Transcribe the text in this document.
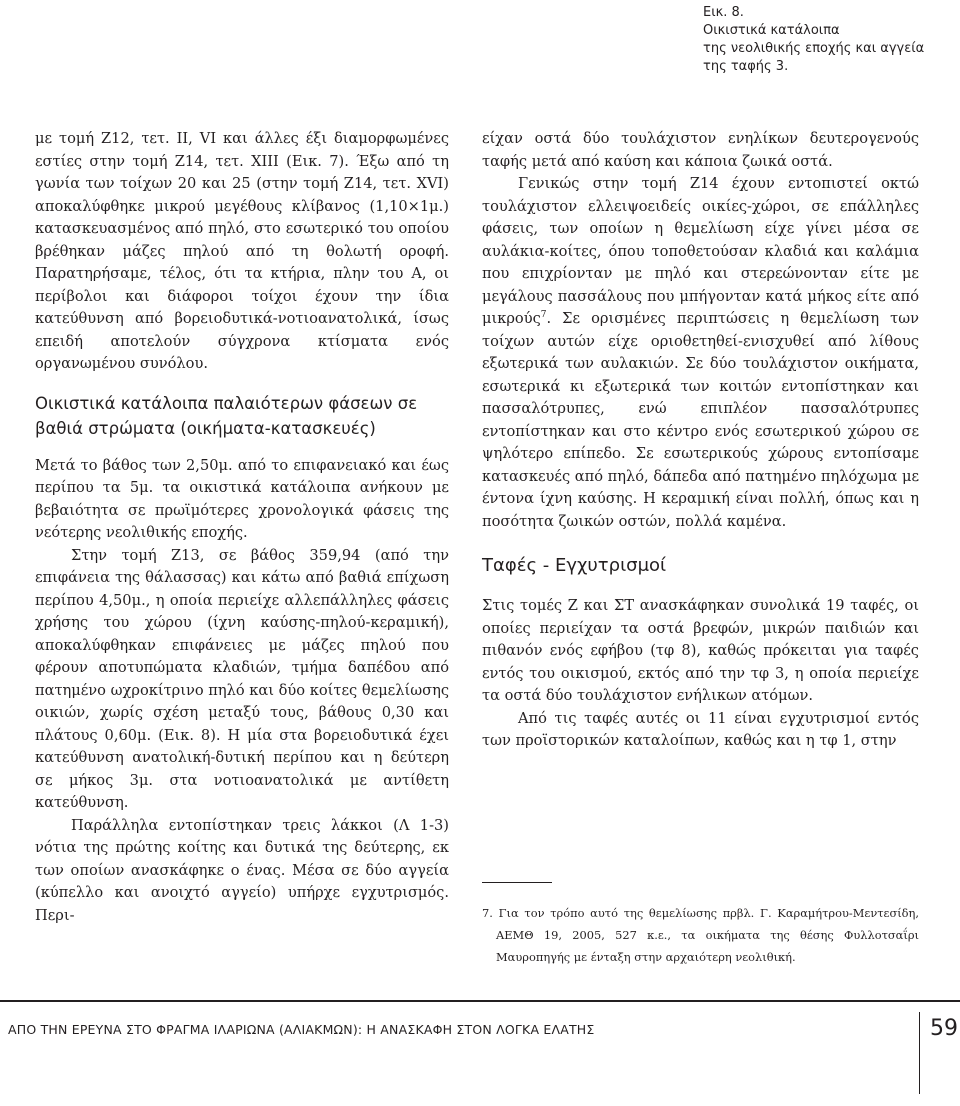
Εικ. 8.
Οικιστικά κατάλοιπα
της νεολιθικής εποχής και αγγεία
της ταφής 3.

με τομή Ζ12, τετ. ΙΙ, VI και άλλες έξι διαμορφωμένες εστίες στην τομή Ζ14, τετ. ΧΙΙΙ (Εικ. 7). Έξω από τη γωνία των τοίχων 20 και 25 (στην τομή Ζ14, τετ. XVI) αποκαλύφθηκε μικρού μεγέθους κλίβανος (1,10×1μ.) κατασκευασμένος από πηλό, στο εσωτερικό του οποίου βρέθηκαν μάζες πηλού από τη θολωτή οροφή. Παρατηρήσαμε, τέλος, ότι τα κτήρια, πλην του Α, οι περίβολοι και διάφοροι τοίχοι έχουν την ίδια κατεύθυνση από βορειοδυτικά-νοτιοανατολικά, ίσως επειδή αποτελούν σύγχρονα κτίσματα ενός οργανωμένου συνόλου.

Οικιστικά κατάλοιπα παλαιότερων φάσεων σε βαθιά στρώματα (οικήματα-κατασκευές)

Μετά το βάθος των 2,50μ. από το επιφανειακό και έως περίπου τα 5μ. τα οικιστικά κατάλοιπα ανήκουν με βεβαιότητα σε πρωϊμότερες χρονολογικά φάσεις της νεότερης νεολιθικής εποχής.

Στην τομή Ζ13, σε βάθος 359,94 (από την επιφάνεια της θάλασσας) και κάτω από βαθιά επίχωση περίπου 4,50μ., η οποία περιείχε αλλεπάλληλες φάσεις χρήσης του χώρου (ίχνη καύσης-πηλού-κεραμική), αποκαλύφθηκαν επιφάνειες με μάζες πηλού που φέρουν αποτυπώματα κλαδιών, τμήμα δαπέδου από πατημένο ωχροκίτρινο πηλό και δύο κοίτες θεμελίωσης οικιών, χωρίς σχέση μεταξύ τους, βάθους 0,30 και πλάτους 0,60μ. (Εικ. 8). Η μία στα βορειοδυτικά έχει κατεύθυνση ανατολική-δυτική περίπου και η δεύτερη σε μήκος 3μ. στα νοτιοανατολικά με αντίθετη κατεύθυνση.

Παράλληλα εντοπίστηκαν τρεις λάκκοι (Λ 1-3) νότια της πρώτης κοίτης και δυτικά της δεύτερης, εκ των οποίων ανασκάφηκε ο ένας. Μέσα σε δύο αγγεία (κύπελλο και ανοιχτό αγγείο) υπήρχε εγχυτρισμός. Περι-

είχαν οστά δύο τουλάχιστον ενηλίκων δευτερογενούς ταφής μετά από καύση και κάποια ζωικά οστά.

Γενικώς στην τομή Ζ14 έχουν εντοπιστεί οκτώ τουλάχιστον ελλειψοειδείς οικίες-χώροι, σε επάλληλες φάσεις, των οποίων η θεμελίωση είχε γίνει μέσα σε αυλάκια-κοίτες, όπου τοποθετούσαν κλαδιά και καλάμια που επιχρίονταν με πηλό και στερεώνονταν είτε με μεγάλους πασσάλους που μπήγονταν κατά μήκος είτε από μικρούς$^7$. Σε ορισμένες περιπτώσεις η θεμελίωση των τοίχων αυτών είχε οριοθετηθεί-ενισχυθεί από λίθους εξωτερικά των αυλακιών. Σε δύο τουλάχιστον οικήματα, εσωτερικά κι εξωτερικά των κοιτών εντοπίστηκαν και πασσαλότρυπες, ενώ επιπλέον πασσαλότρυπες εντοπίστηκαν και στο κέντρο ενός εσωτερικού χώρου σε ψηλότερο επίπεδο. Σε εσωτερικούς χώρους εντοπίσαμε κατασκευές από πηλό, δάπεδα από πατημένο πηλόχωμα με έντονα ίχνη καύσης. Η κεραμική είναι πολλή, όπως και η ποσότητα ζωικών οστών, πολλά καμένα.

Ταφές - Εγχυτρισμοί

Στις τομές Ζ και ΣΤ ανασκάφηκαν συνολικά 19 ταφές, οι οποίες περιείχαν τα οστά βρεφών, μικρών παιδιών και πιθανόν ενός εφήβου (τφ 8), καθώς πρόκειται για ταφές εντός του οικισμού, εκτός από την τφ 3, η οποία περιείχε τα οστά δύο τουλάχιστον ενήλικων ατόμων.

Από τις ταφές αυτές οι 11 είναι εγχυτρισμοί εντός των προϊστορικών καταλοίπων, καθώς και η τφ 1, στην

7. Για τον τρόπο αυτό της θεμελίωσης πρβλ. Γ. Καραμήτρου-Μεντεσίδη, ΑΕΜΘ 19, 2005, 527 κ.ε., τα οικήματα της θέσης Φυλλοτσαΐρι Μαυροπηγής με ένταξη στην αρχαιότερη νεολιθική.

ΑΠΟ ΤΗΝ ΕΡΕΥΝΑ ΣΤΟ ΦΡΑΓΜΑ ΙΛΑΡΙΩΝΑ (ΑΛΙΑΚΜΩΝ): Η ΑΝΑΣΚΑΦΗ ΣΤΟΝ ΛΟΓΚΑ ΕΛΑΤΗΣ	59
